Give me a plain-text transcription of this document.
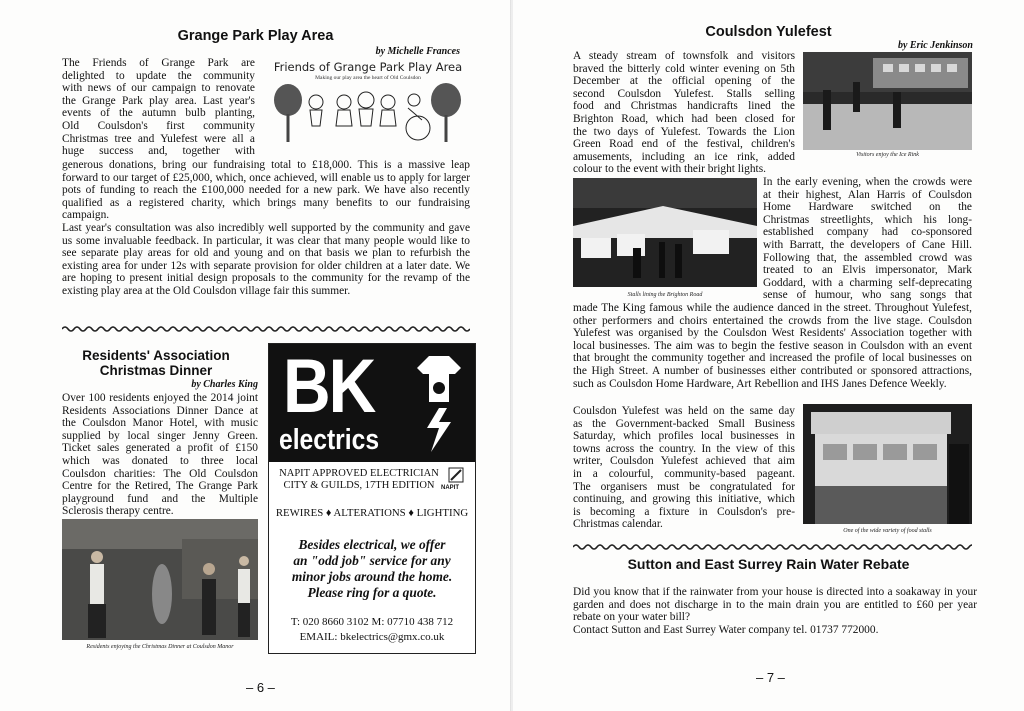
Grange Park Play Area
by Michelle Frances
Friends of Grange Park Play Area
Making our play area the heart of Old Coulsdon
The Friends of Grange Park are
delighted to update the community
with news of our campaign to renovate
the Grange Park play area. Last year's
events of the autumn bulb planting,
Old Coulsdon's first community
Christmas tree and Yulefest were all a
huge success and, together with

generous donations, bring our fundraising total to £18,000. This is a massive leap forward to our target of £25,000, which, once achieved, will enable us to apply for larger pots of funding to reach the £100,000 needed for a new park. We have also recently qualified as a registered charity, which brings many benefits to our fundraising campaign.

Last year's consultation was also incredibly well supported by the community and gave us some invaluable feedback. In particular, it was clear that many people would like to see separate play areas for old and young and on that basis we plan to refurbish the existing area for under 12s with separate provision for older children at a later date. We are hoping to present initial design proposals to the community for the revamp of the existing play area at the Old Coulsdon village fair this summer.

Residents' Association
Christmas Dinner
by Charles King

Over 100 residents enjoyed the 2014 joint Residents Associations Dinner Dance at the Coulsdon Manor Hotel, with music supplied by local singer Jenny Green. Ticket sales generated a profit of £150 which was donated to three local Coulsdon charities: The Old Coulsdon Centre for the Retired, The Grange Park playground fund and the Multiple Sclerosis therapy centre.

Residents enjoying the Christmas Dinner at Coulsdon Manor
BK
electrics
NAPIT APPROVED ELECTRICIAN
CITY & GUILDS, 17TH EDITION	NAPIT
REWIRES ♦ ALTERATIONS ♦ LIGHTING
Besides electrical, we offer
an "odd job" service for any
minor jobs around the home.
Please ring for a quote.
T: 020 8660 3102 M: 07710 438 712
EMAIL: bkelectrics@gmx.co.uk
– 6 –
Coulsdon Yulefest
by Eric Jenkinson
A steady stream of townsfolk and visitors
braved the bitterly cold winter evening on 5th
December at the official opening of the
second Coulsdon Yulefest. Stalls selling
food and Christmas handicrafts lined the
Brighton Road, which had been closed for
the two days of Yulefest. Towards the Lion
Green Road end of the festival, children's
amusements, including an ice rink, added
colour to the event with their bright lights.
Visitors enjoy the Ice Rink
Stalls lining the Brighton Road
In the early evening, when the crowds were
at their highest, Alan Harris of Coulsdon
Home Hardware switched on the
Christmas streetlights, which his long-
established company had co-sponsored
with Barratt, the developers of Cane Hill.
Following that, the assembled crowd was
treated to an Elvis impersonator, Mark
Goddard, with a charming self-deprecating
sense of humour, who sang songs that

made The King famous while the audience danced in the street. Throughout Yulefest, other performers and choirs entertained the crowds from the live stage. Coulsdon Yulefest was organised by the Coulsdon West Residents' Association together with local businesses. The aim was to begin the festive season in Coulsdon with an event that brought the community together and increased the profile of local businesses on the High Street. A number of businesses either contributed or sponsored attractions, such as Coulsdon Home Hardware, Art Rebellion and IHS Janes Defence Weekly.

Coulsdon Yulefest was held on the same day
as the Government-backed Small Business
Saturday, which profiles local businesses in
towns across the country. In the view of this
writer, Coulsdon Yulefest achieved that aim
in a colourful, community-based pageant.
The organisers must be congratulated for
continuing, and growing this initiative, which
is becoming a fixture in Coulsdon's pre-
Christmas calendar.
One of the wide variety of food stalls
Sutton and East Surrey Rain Water Rebate

Did you know that if the rainwater from your house is directed into a soakaway in your garden and does not discharge in to the main drain you are entitled to £60 per year rebate on your water bill?

Contact Sutton and East Surrey Water company tel. 01737 772000.

– 7 –
